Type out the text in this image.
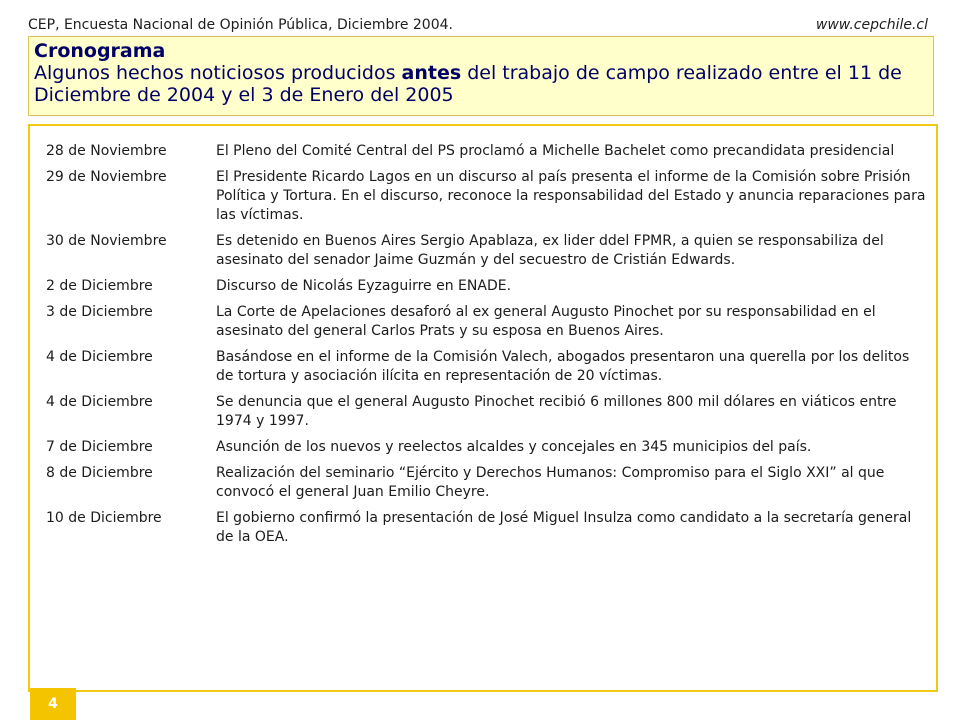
CEP, Encuesta Nacional de Opinión Pública, Diciembre 2004.	www.cepchile.cl
Cronograma
Algunos hechos noticiosos producidos antes del trabajo de campo realizado entre el 11 de Diciembre de 2004 y el 3 de Enero del 2005
28 de Noviembre	El Pleno del Comité Central del PS proclamó a Michelle Bachelet como precandidata presidencial
29 de Noviembre	El Presidente Ricardo Lagos en un discurso al país presenta el informe de la Comisión sobre Prisión Política y Tortura. En el discurso, reconoce la responsabilidad del Estado y anuncia reparaciones para las víctimas.
30 de Noviembre	Es detenido en Buenos Aires Sergio Apablaza, ex lider ddel FPMR, a quien se responsabiliza del asesinato del senador Jaime Guzmán y del secuestro de Cristián Edwards.
2 de Diciembre	Discurso de Nicolás Eyzaguirre en ENADE.
3 de Diciembre	La Corte de Apelaciones desaforó al ex general Augusto Pinochet por su responsabilidad en el asesinato del general Carlos Prats y su esposa en Buenos Aires.
4 de Diciembre	Basándose en el informe de la Comisión Valech, abogados presentaron una querella por los delitos de tortura y asociación ilícita en representación de 20 víctimas.
4 de Diciembre	Se denuncia que el general Augusto Pinochet recibió 6 millones 800 mil dólares en viáticos entre 1974 y 1997.
7 de Diciembre	Asunción de los nuevos y reelectos alcaldes y concejales en 345 municipios del país.
8 de Diciembre	Realización del seminario “Ejército y Derechos Humanos: Compromiso para el Siglo XXI” al que convocó el general Juan Emilio Cheyre.
10 de Diciembre	El gobierno confirmó la presentación de José Miguel Insulza como candidato a la secretaría general de la OEA.
4
